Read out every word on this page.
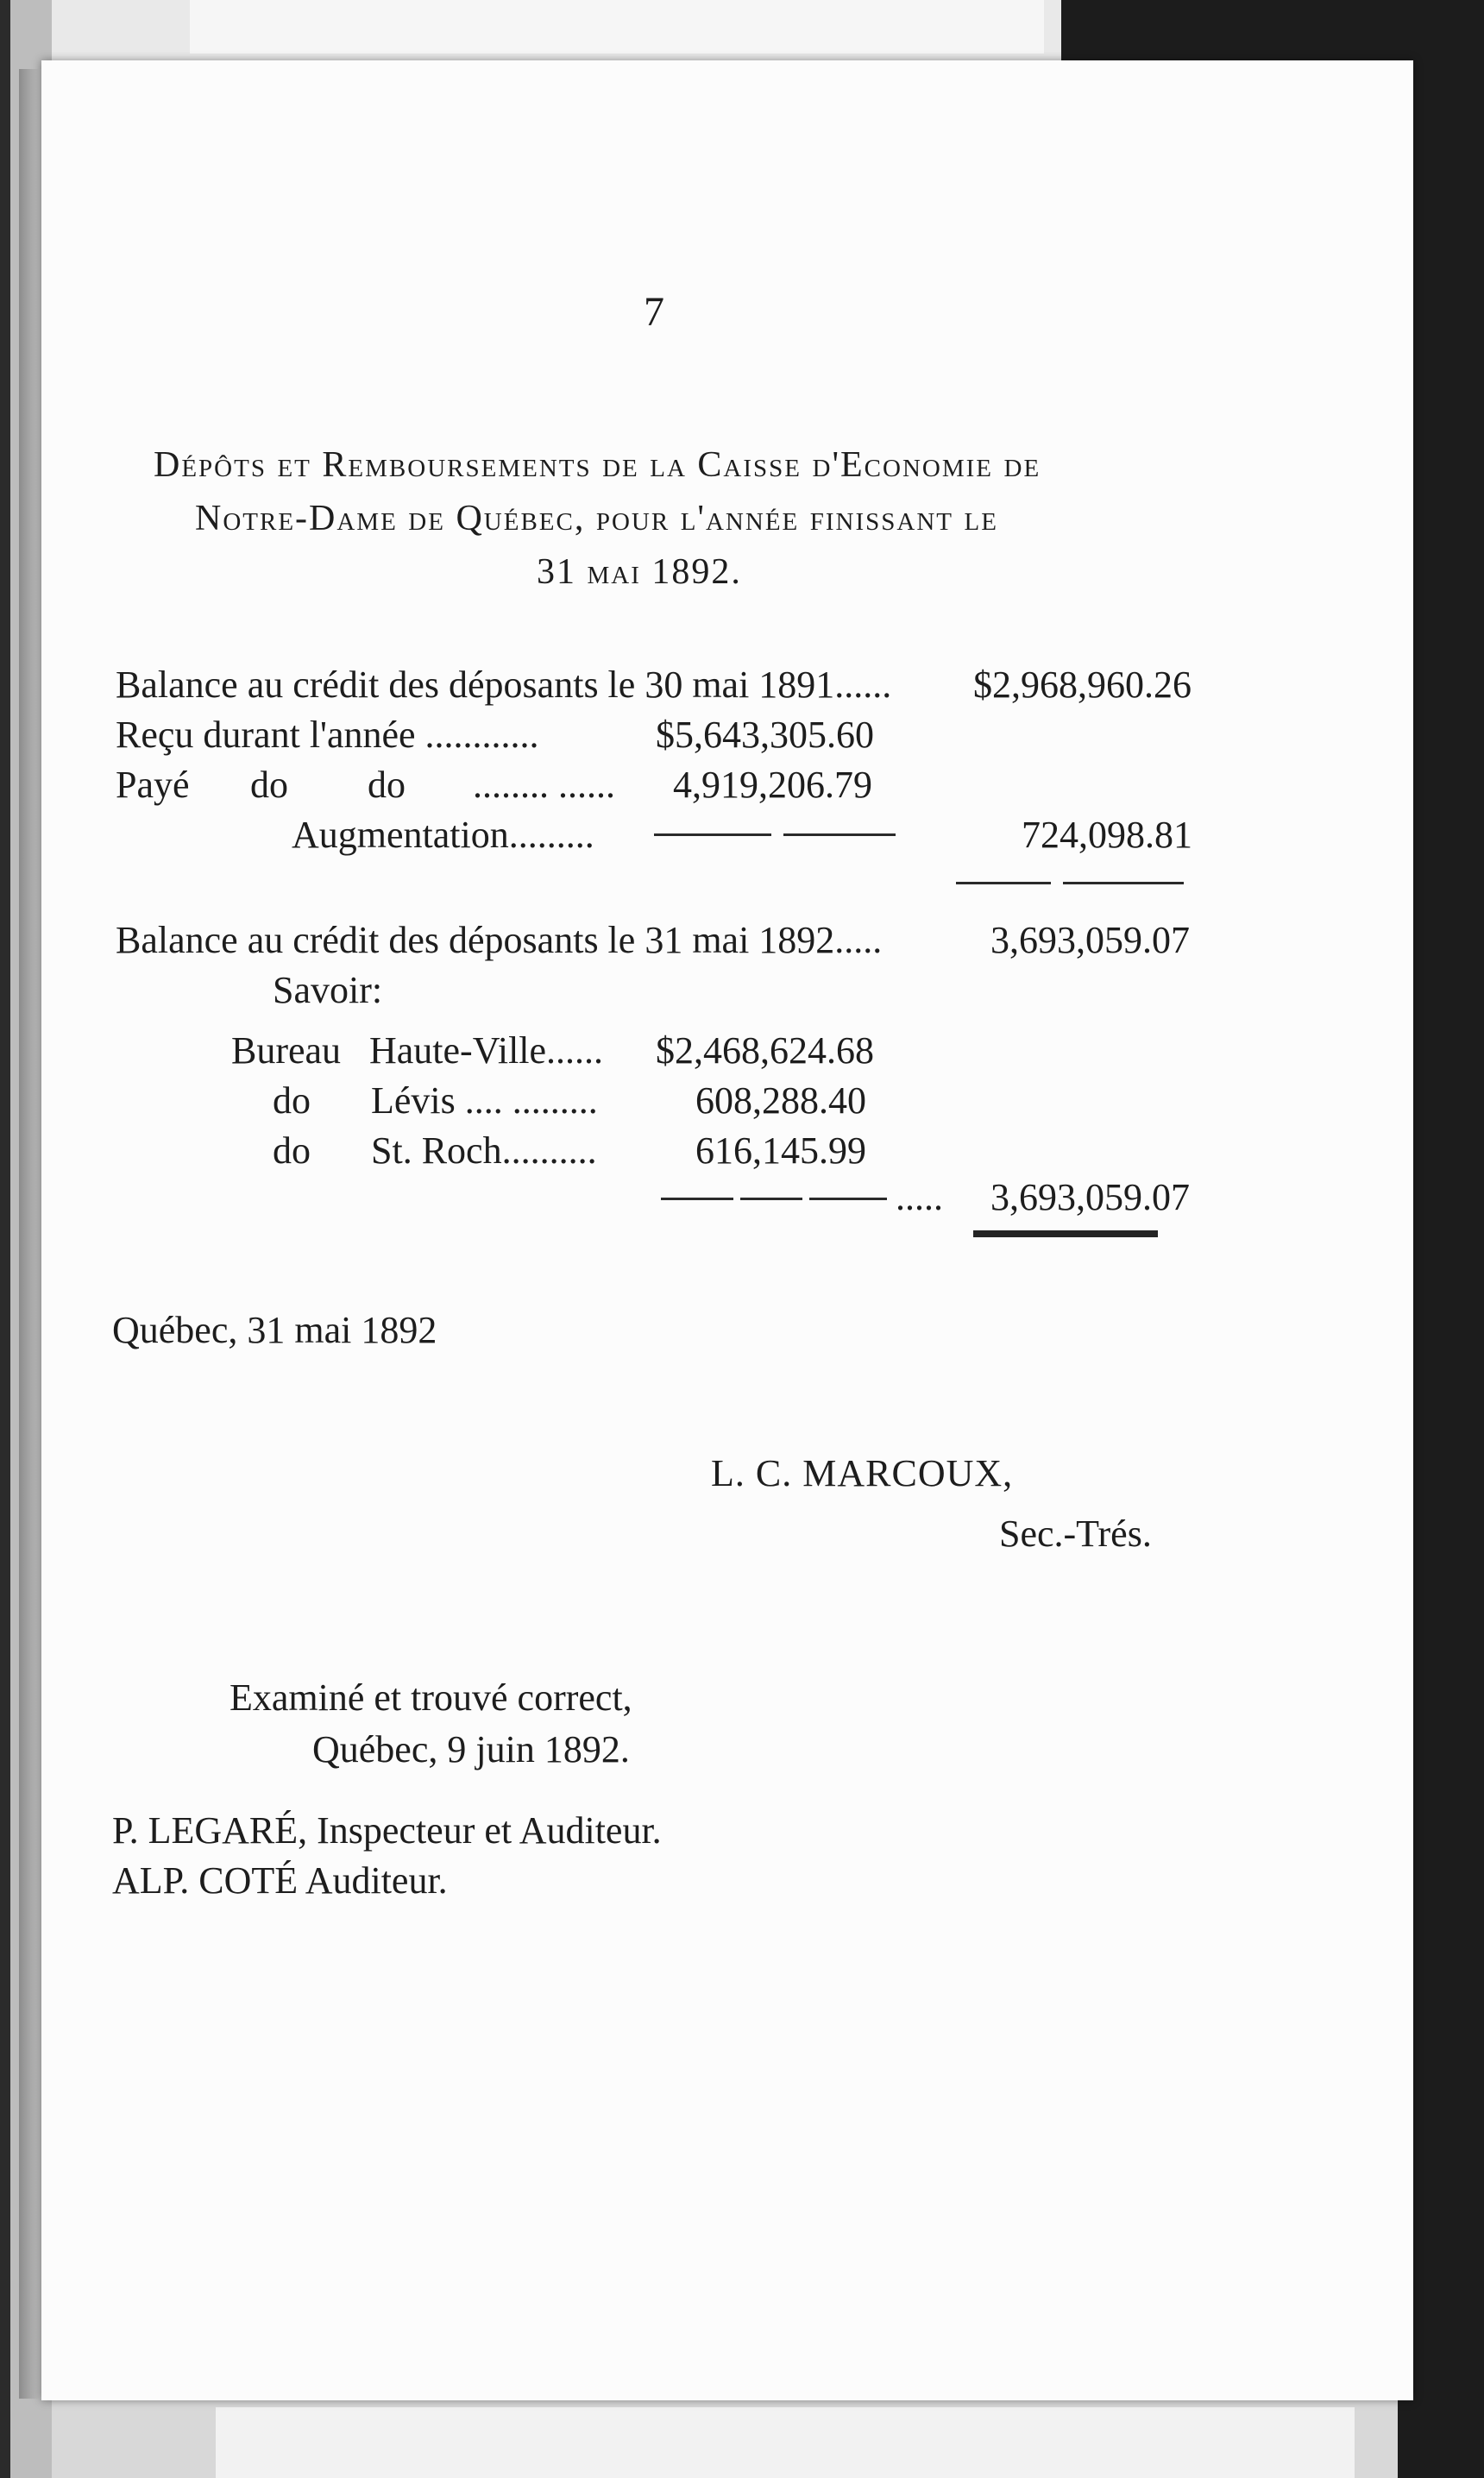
7
Dépôts et Remboursements de la Caisse d'Economie de
Notre-Dame de Québec, pour l'année finissant le
31 mai 1892.
Balance au crédit des déposants le 30 mai 1891...... $2,968,960.26
Reçu durant l'année ............	$5,643,305.60
Payé do do ........ ...... 4,919,206.79
Augmentation.........	724,098.81
Balance au crédit des déposants le 31 mai 1892.....	3,693,059.07
Savoir:
Bureau Haute-Ville...... $2,468,624.68
do Lévis .... .........	608,288.40
do St. Roch..........	616,145.99
..... 3,693,059.07
Québec, 31 mai 1892
L. C. MARCOUX,
Sec.-Trés.
Examiné et trouvé correct,
Québec, 9 juin 1892.
P. LEGARÉ, Inspecteur et Auditeur.
ALP. COTÉ Auditeur.
